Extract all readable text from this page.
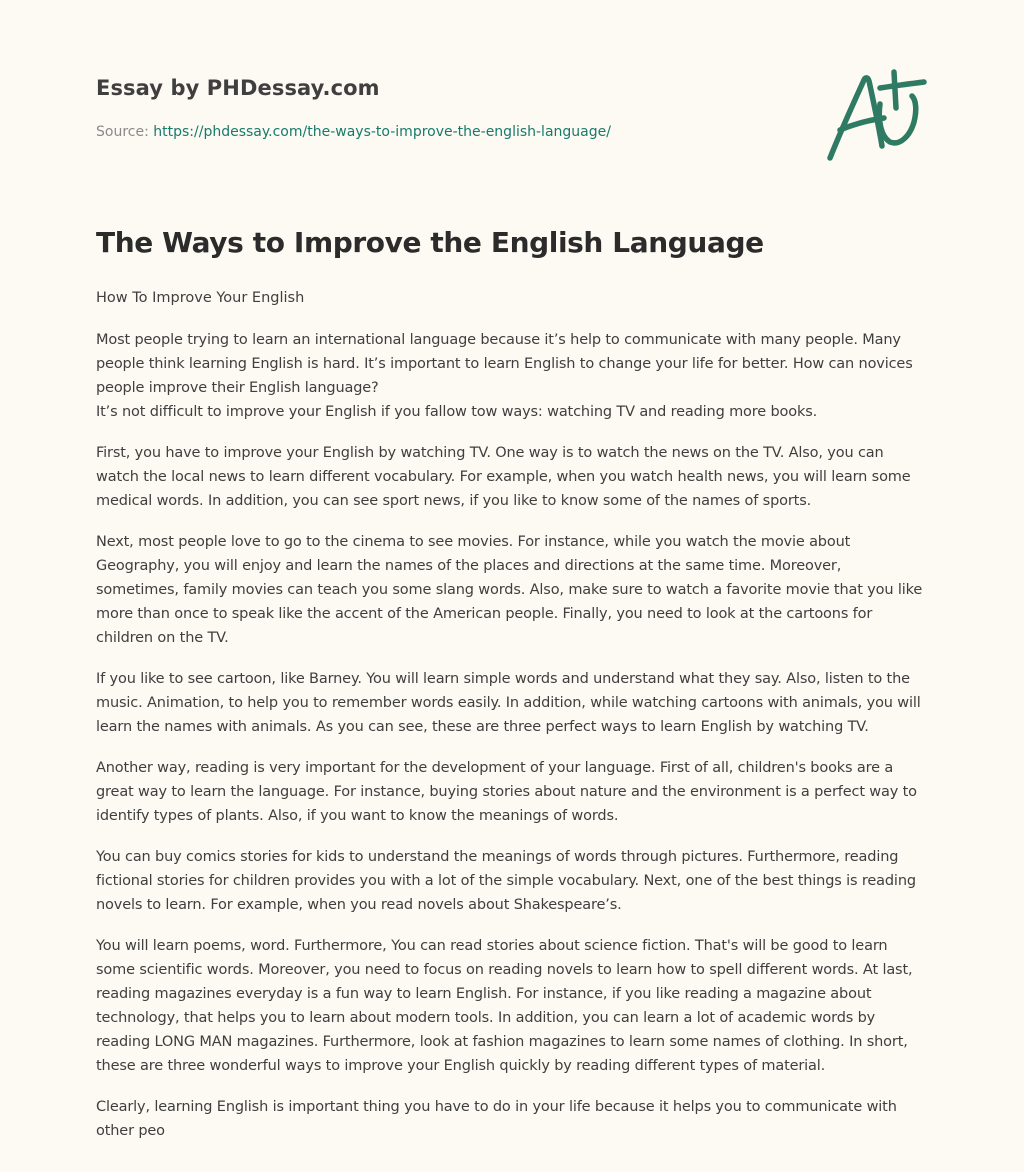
Essay by PHDessay.com
Source: https://phdessay.com/the-ways-to-improve-the-english-language/
The Ways to Improve the English Language

How To Improve Your English

Most people trying to learn an international language because it’s help to communicate with many people. Many people think learning English is hard. It’s important to learn English to change your life for better. How can novices people improve their English language?
It’s not difficult to improve your English if you fallow tow ways: watching TV and reading more books.

First, you have to improve your English by watching TV. One way is to watch the news on the TV. Also, you can watch the local news to learn different vocabulary. For example, when you watch health news, you will learn some medical words. In addition, you can see sport news, if you like to know some of the names of sports.

Next, most people love to go to the cinema to see movies. For instance, while you watch the movie about Geography, you will enjoy and learn the names of the places and directions at the same time. Moreover, sometimes, family movies can teach you some slang words. Also, make sure to watch a favorite movie that you like more than once to speak like the accent of the American people. Finally, you need to look at the cartoons for children on the TV.

If you like to see cartoon, like Barney. You will learn simple words and understand what they say. Also, listen to the music. Animation, to help you to remember words easily. In addition, while watching cartoons with animals, you will learn the names with animals. As you can see, these are three perfect ways to learn English by watching TV.

Another way, reading is very important for the development of your language. First of all, children's books are a great way to learn the language. For instance, buying stories about nature and the environment is a perfect way to identify types of plants. Also, if you want to know the meanings of words.

You can buy comics stories for kids to understand the meanings of words through pictures. Furthermore, reading fictional stories for children provides you with a lot of the simple vocabulary. Next, one of the best things is reading novels to learn. For example, when you read novels about Shakespeare’s.

You will learn poems, word. Furthermore, You can read stories about science fiction. That's will be good to learn some scientific words. Moreover, you need to focus on reading novels to learn how to spell different words. At last, reading magazines everyday is a fun way to learn English. For instance, if you like reading a magazine about technology, that helps you to learn about modern tools. In addition, you can learn a lot of academic words by reading LONG MAN magazines. Furthermore, look at fashion magazines to learn some names of clothing. In short, these are three wonderful ways to improve your English quickly by reading different types of material.

Clearly, learning English is important thing you have to do in your life because it helps you to communicate with other peo
